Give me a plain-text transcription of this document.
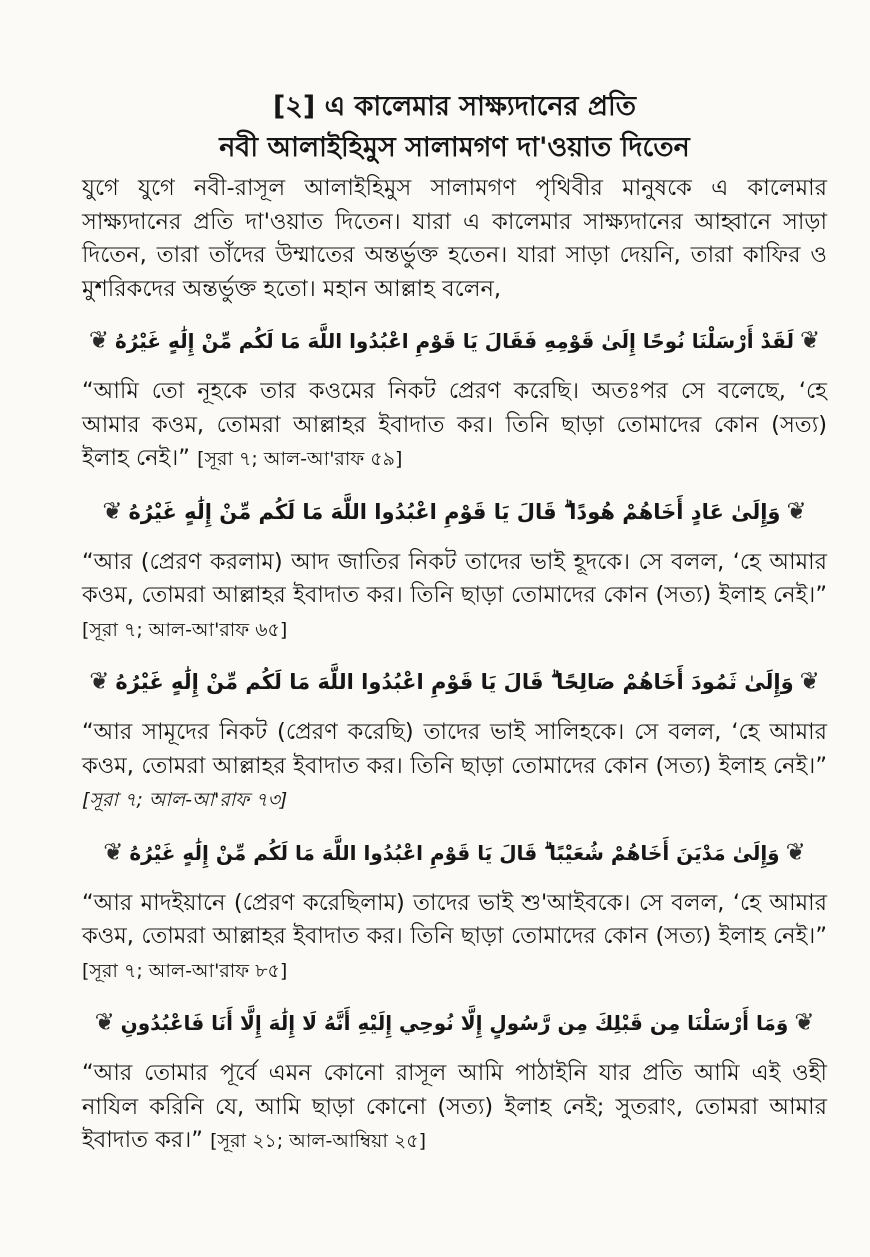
[২] এ কালেমার সাক্ষ্যদানের প্রতি
নবী আলাইহিমুস সালামগণ দা'ওয়াত দিতেন

যুগে যুগে নবী-রাসূল আলাইহিমুস সালামগণ পৃথিবীর মানুষকে এ কালেমার সাক্ষ্যদানের প্রতি দা'ওয়াত দিতেন। যারা এ কালেমার সাক্ষ্যদানের আহ্বানে সাড়া দিতেন, তারা তাঁদের উম্মাতের অন্তর্ভুক্ত হতেন। যারা সাড়া দেয়নি, তারা কাফির ও মুশরিকদের অন্তর্ভুক্ত হতো। মহান আল্লাহ বলেন,

❦لَقَدْ أَرْسَلْنَا نُوحًا إِلَىٰ قَوْمِهِ فَقَالَ يَا قَوْمِ اعْبُدُوا اللَّهَ مَا لَكُم مِّنْ إِلَٰهٍ غَيْرُهُ❦

“আমি তো নূহকে তার কওমের নিকট প্রেরণ করেছি। অতঃপর সে বলেছে, ‘হে আমার কওম, তোমরা আল্লাহর ইবাদাত কর। তিনি ছাড়া তোমাদের কোন (সত্য) ইলাহ নেই।” [সূরা ৭; আল-আ'রাফ ৫৯]

❦وَإِلَىٰ عَادٍ أَخَاهُمْ هُودًا ۗ قَالَ يَا قَوْمِ اعْبُدُوا اللَّهَ مَا لَكُم مِّنْ إِلَٰهٍ غَيْرُهُ❦

“আর (প্রেরণ করলাম) আদ জাতির নিকট তাদের ভাই হূদকে। সে বলল, ‘হে আমার কওম, তোমরা আল্লাহর ইবাদাত কর। তিনি ছাড়া তোমাদের কোন (সত্য) ইলাহ নেই।” [সূরা ৭; আল-আ'রাফ ৬৫]

❦وَإِلَىٰ ثَمُودَ أَخَاهُمْ صَالِحًا ۗ قَالَ يَا قَوْمِ اعْبُدُوا اللَّهَ مَا لَكُم مِّنْ إِلَٰهٍ غَيْرُهُ❦

“আর সামূদের নিকট (প্রেরণ করেছি) তাদের ভাই সালিহকে। সে বলল, ‘হে আমার কওম, তোমরা আল্লাহর ইবাদাত কর। তিনি ছাড়া তোমাদের কোন (সত্য) ইলাহ নেই।” [সূরা ৭; আল-আ'রাফ ৭৩]

❦وَإِلَىٰ مَدْيَنَ أَخَاهُمْ شُعَيْبًا ۗ قَالَ يَا قَوْمِ اعْبُدُوا اللَّهَ مَا لَكُم مِّنْ إِلَٰهٍ غَيْرُهُ❦

“আর মাদইয়ানে (প্রেরণ করেছিলাম) তাদের ভাই শু'আইবকে। সে বলল, ‘হে আমার কওম, তোমরা আল্লাহর ইবাদাত কর। তিনি ছাড়া তোমাদের কোন (সত্য) ইলাহ নেই।” [সূরা ৭; আল-আ'রাফ ৮৫]

❦وَمَا أَرْسَلْنَا مِن قَبْلِكَ مِن رَّسُولٍ إِلَّا نُوحِي إِلَيْهِ أَنَّهُ لَا إِلَٰهَ إِلَّا أَنَا فَاعْبُدُونِ❦

“আর তোমার পূর্বে এমন কোনো রাসূল আমি পাঠাইনি যার প্রতি আমি এই ওহী নাযিল করিনি যে, আমি ছাড়া কোনো (সত্য) ইলাহ নেই; সুতরাং, তোমরা আমার ইবাদাত কর।” [সূরা ২১; আল-আম্বিয়া ২৫]
